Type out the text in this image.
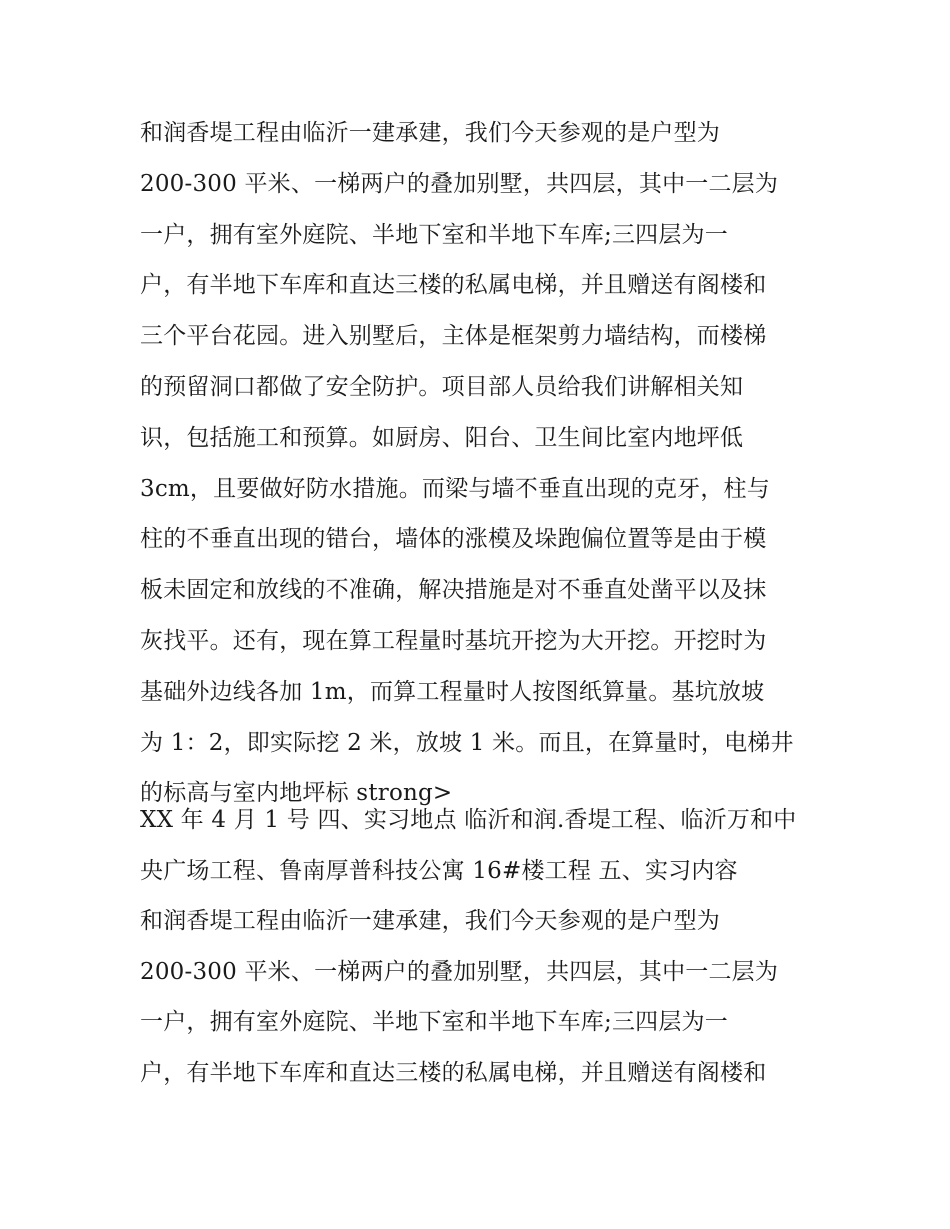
和润香堤工程由临沂一建承建，我们今天参观的是户型为
200-300 平米、一梯两户的叠加别墅，共四层，其中一二层为
一户，拥有室外庭院、半地下室和半地下车库;三四层为一
户，有半地下车库和直达三楼的私属电梯，并且赠送有阁楼和
三个平台花园。进入别墅后，主体是框架剪力墙结构，而楼梯
的预留洞口都做了安全防护。项目部人员给我们讲解相关知
识，包括施工和预算。如厨房、阳台、卫生间比室内地坪低
3cm，且要做好防水措施。而梁与墙不垂直出现的克牙，柱与
柱的不垂直出现的错台，墙体的涨模及垛跑偏位置等是由于模
板未固定和放线的不准确，解决措施是对不垂直处凿平以及抹
灰找平。还有，现在算工程量时基坑开挖为大开挖。开挖时为
基础外边线各加 1m，而算工程量时人按图纸算量。基坑放坡
为 1：2，即实际挖 2 米，放坡 1 米。而且，在算量时，电梯井
的标高与室内地坪标 strong>
XX 年 4 月 1 号 四、实习地点 临沂和润.香堤工程、临沂万和中
央广场工程、鲁南厚普科技公寓 16#楼工程 五、实习内容
和润香堤工程由临沂一建承建，我们今天参观的是户型为
200-300 平米、一梯两户的叠加别墅，共四层，其中一二层为
一户，拥有室外庭院、半地下室和半地下车库;三四层为一
户，有半地下车库和直达三楼的私属电梯，并且赠送有阁楼和
